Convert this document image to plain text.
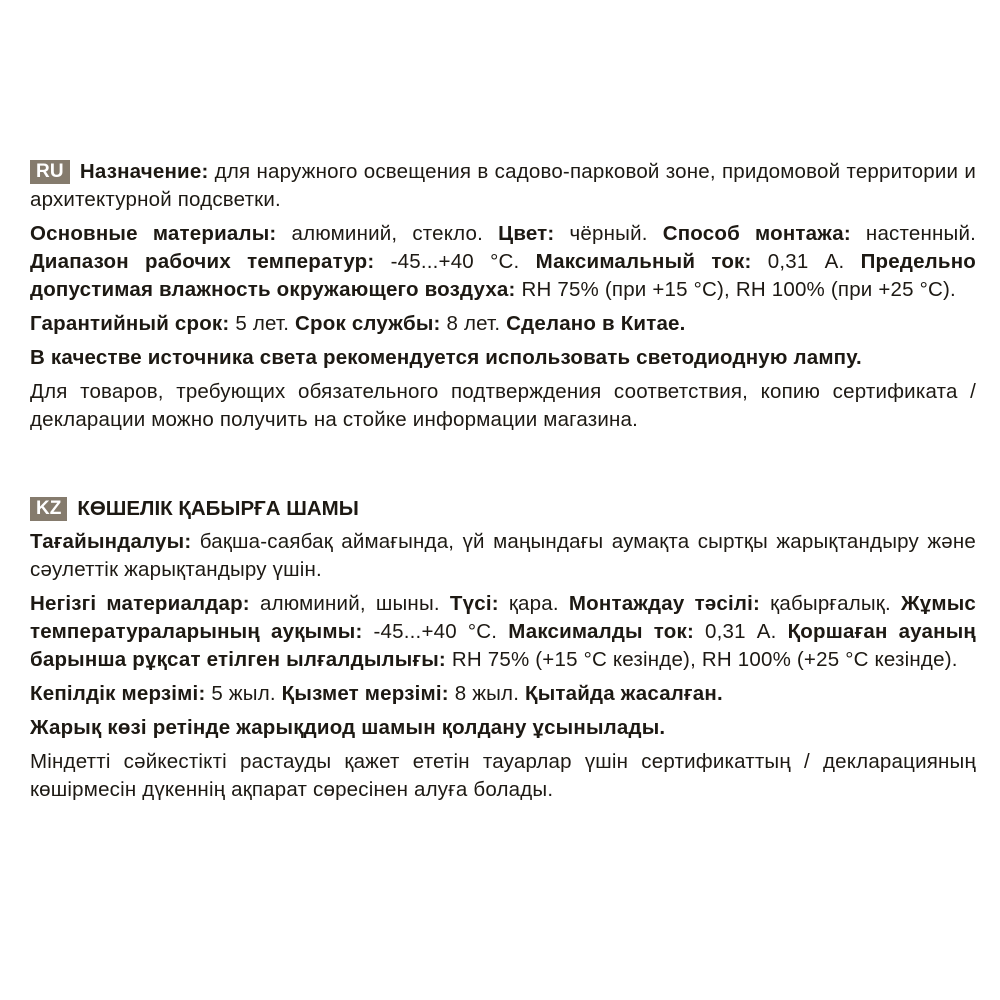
RU Назначение: для наружного освещения в садово-парковой зоне, придомовой территории и архитектурной подсветки.

Основные материалы: алюминий, стекло. Цвет: чёрный. Способ монтажа: настенный. Диапазон рабочих температур: -45...+40 °С. Максимальный ток: 0,31 А. Предельно допустимая влажность окружающего воздуха: RH 75% (при +15 °С), RH 100% (при +25 °С).

Гарантийный срок: 5 лет. Срок службы: 8 лет. Сделано в Китае.

В качестве источника света рекомендуется использовать светодиодную лампу.

Для товаров, требующих обязательного подтверждения соответствия, копию сертификата / декларации можно получить на стойке информации магазина.

KZ КӨШЕЛІК ҚАБЫРҒА ШАМЫ

Тағайындалуы: бақша-саябақ аймағында, үй маңындағы аумақта сыртқы жарықтандыру және сәулеттік жарықтандыру үшін.

Негізгі материалдар: алюминий, шыны. Түсі: қара. Монтаждау тәсілі: қабырғалық. Жұмыс температураларының ауқымы: -45...+40 °С. Максималды ток: 0,31 А. Қоршаған ауаның барынша рұқсат етілген ылғалдылығы: RH 75% (+15 °С кезінде), RH 100% (+25 °С кезінде).

Кепілдік мерзімі: 5 жыл. Қызмет мерзімі: 8 жыл. Қытайда жасалған.

Жарық көзі ретінде жарықдиод шамын қолдану ұсынылады.

Міндетті сәйкестікті растауды қажет ететін тауарлар үшін сертификаттың / декларацияның көшірмесін дүкеннің ақпарат сөресінен алуға болады.
